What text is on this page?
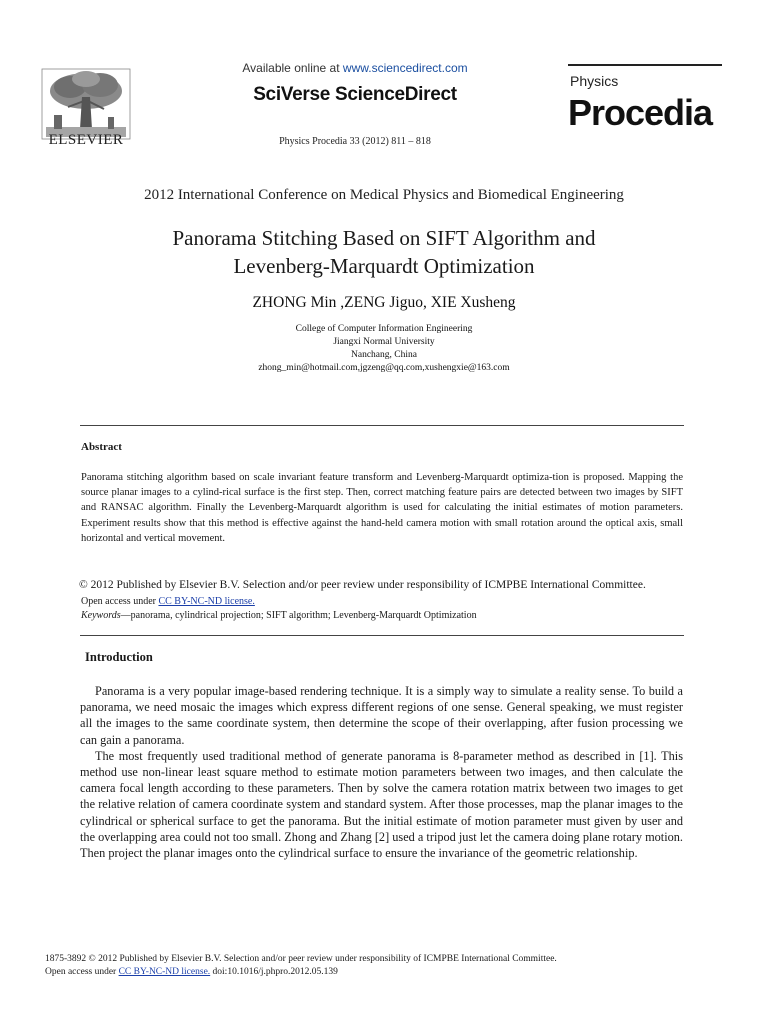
ELSEVIER
Available online at www.sciencedirect.com
SciVerse ScienceDirect
Physics Procedia 33 (2012) 811 – 818
Physics
Procedia
2012 International Conference on Medical Physics and Biomedical Engineering
Panorama Stitching Based on SIFT Algorithm and
Levenberg-Marquardt Optimization
ZHONG Min ,ZENG Jiguo, XIE Xusheng
College of Computer Information Engineering
Jiangxi Normal University
Nanchang, China
zhong_min@hotmail.com,jgzeng@qq.com,xushengxie@163.com
Abstract
Panorama stitching algorithm based on scale invariant feature transform and Levenberg-Marquardt optimiza-tion is proposed. Mapping the source planar images to a cylind-rical surface is the first step. Then, correct matching feature pairs are detected between two images by SIFT and RANSAC algorithm. Finally the Levenberg-Marquardt algorithm is used for calculating the initial estimates of motion parameters. Experiment results show that this method is effective against the hand-held camera motion with small rotation around the optical axis, small horizontal and vertical movement.
© 2012 Published by Elsevier B.V. Selection and/or peer review under responsibility of ICMPBE International Committee.
Open access under CC BY-NC-ND license.
Keywords—panorama, cylindrical projection; SIFT algorithm; Levenberg-Marquardt Optimization
Introduction

Panorama is a very popular image-based rendering technique. It is a simply way to simulate a reality sense. To build a panorama, we need mosaic the images which express different regions of one sense. General speaking, we must register all the images to the same coordinate system, then determine the scope of their overlapping, after fusion processing we can gain a panorama.

The most frequently used traditional method of generate panorama is 8-parameter method as described in [1]. This method use non-linear least square method to estimate motion parameters between two images, and then calculate the camera focal length according to these parameters. Then by solve the camera rotation matrix between two images to get the relative relation of camera coordinate system and standard system. After those processes, map the planar images to the cylindrical or spherical surface to get the panorama. But the initial estimate of motion parameter must given by user and the overlapping area could not too small. Zhong and Zhang [2] used a tripod just let the camera doing plane rotary motion. Then project the planar images onto the cylindrical surface to ensure the invariance of the geometric relationship.

1875-3892 © 2012 Published by Elsevier B.V. Selection and/or peer review under responsibility of ICMPBE International Committee.
Open access under CC BY-NC-ND license. doi:10.1016/j.phpro.2012.05.139
